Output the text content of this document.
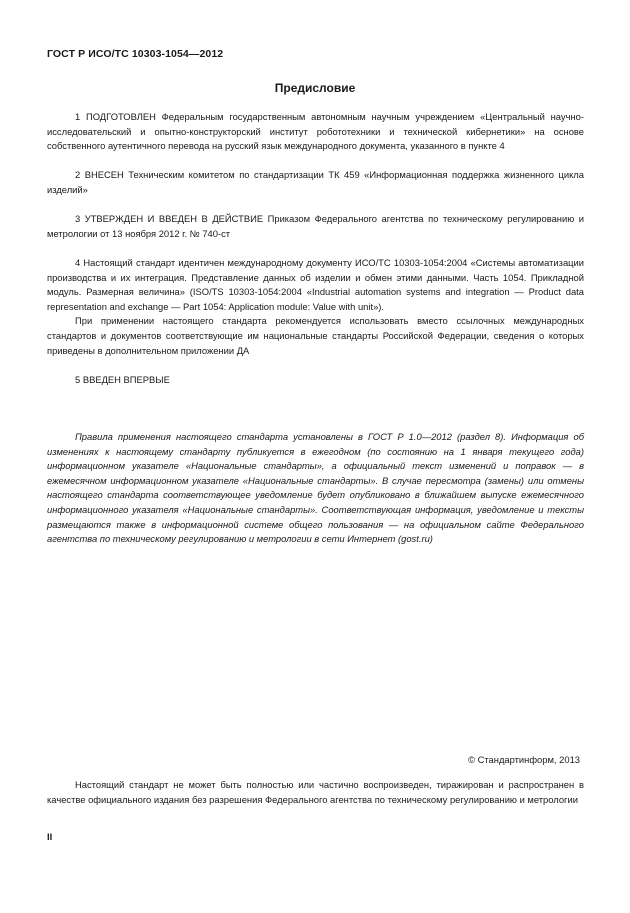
ГОСТ Р ИСО/ТС 10303-1054—2012
Предисловие

1 ПОДГОТОВЛЕН Федеральным государственным автономным научным учреждением «Центральный научно-исследовательский и опытно-конструкторский институт робототехники и технической кибернетики» на основе собственного аутентичного перевода на русский язык международного документа, указанного в пункте 4

2 ВНЕСЕН Техническим комитетом по стандартизации ТК 459 «Информационная поддержка жизненного цикла изделий»

3 УТВЕРЖДЕН И ВВЕДЕН В ДЕЙСТВИЕ Приказом Федерального агентства по техническому регулированию и метрологии от 13 ноября 2012 г. № 740-ст

4 Настоящий стандарт идентичен международному документу ИСО/ТС 10303-1054:2004 «Системы автоматизации производства и их интеграция. Представление данных об изделии и обмен этими данными. Часть 1054. Прикладной модуль. Размерная величина» (ISO/TS 10303-1054:2004 «Industrial automation systems and integration — Product data representation and exchange — Part 1054: Application module: Value with unit»).

При применении настоящего стандарта рекомендуется использовать вместо ссылочных международных стандартов и документов соответствующие им национальные стандарты Российской Федерации, сведения о которых приведены в дополнительном приложении ДА

5 ВВЕДЕН ВПЕРВЫЕ

Правила применения настоящего стандарта установлены в ГОСТ Р 1.0—2012 (раздел 8). Информация об изменениях к настоящему стандарту публикуется в ежегодном (по состоянию на 1 января текущего года) информационном указателе «Национальные стандарты», а официальный текст изменений и поправок — в ежемесячном информационном указателе «Национальные стандарты». В случае пересмотра (замены) или отмены настоящего стандарта соответствующее уведомление будет опубликовано в ближайшем выпуске ежемесячного информационного указателя «Национальные стандарты». Соответствующая информация, уведомление и тексты размещаются также в информационной системе общего пользования — на официальном сайте Федерального агентства по техническому регулированию и метрологии в сети Интернет (gost.ru)

© Стандартинформ, 2013

Настоящий стандарт не может быть полностью или частично воспроизведен, тиражирован и распространен в качестве официального издания без разрешения Федерального агентства по техническому регулированию и метрологии

II
